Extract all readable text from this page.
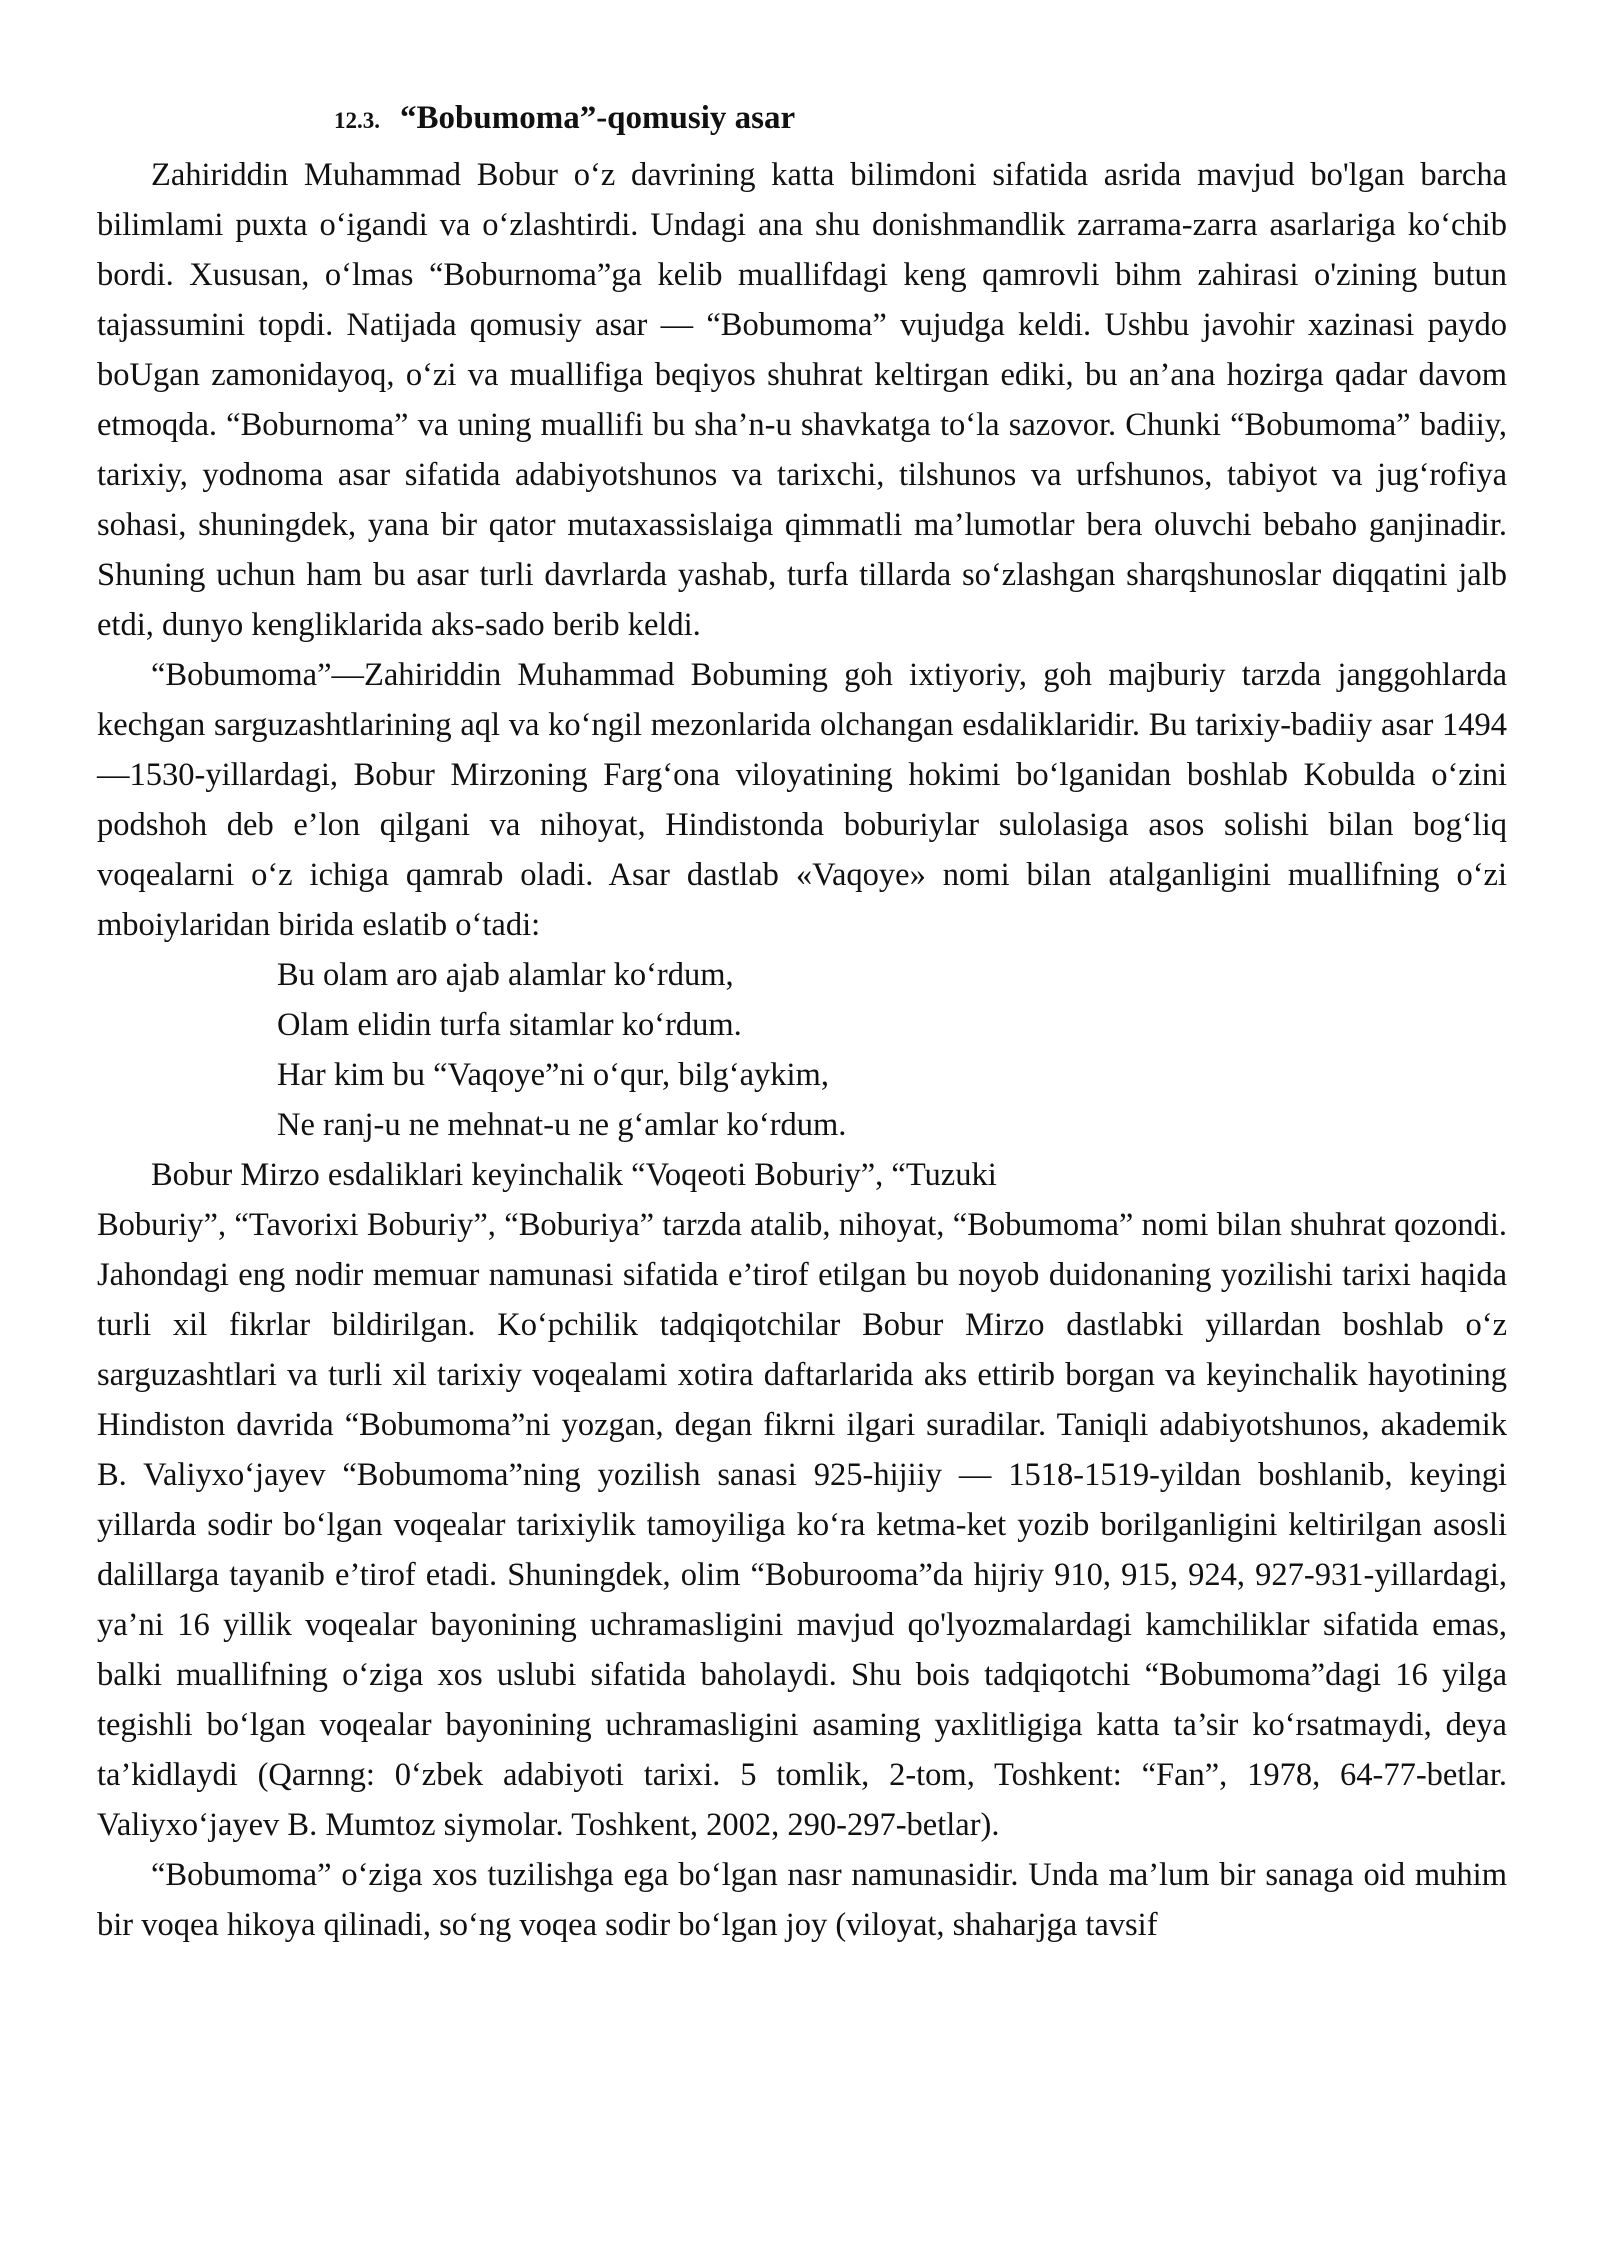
12.3. “Bobumoma”-qomusiy asar

Zahiriddin Muhammad Bobur o‘z davrining katta bilimdoni sifatida asrida mavjud bo'lgan barcha bilimlami puxta o‘igandi va o‘zlashtirdi. Undagi ana shu donishmandlik zarrama-zarra asarlariga ko‘chib bordi. Xususan, o‘lmas “Boburnoma”ga kelib muallifdagi keng qamrovli bihm zahirasi o'zining butun tajassumini topdi. Natijada qomusiy asar — “Bobumoma” vujudga keldi. Ushbu javohir xazinasi paydo boUgan zamonidayoq, o‘zi va muallifiga beqiyos shuhrat keltirgan ediki, bu an’ana hozirga qadar davom etmoqda. “Boburnoma” va uning muallifi bu sha’n-u shavkatga to‘la sazovor. Chunki “Bobumoma” badiiy, tarixiy, yodnoma asar sifatida adabiyotshunos va tarixchi, tilshunos va urfshunos, tabiyot va jug‘rofiya sohasi, shuningdek, yana bir qator mutaxassislaiga qimmatli ma’lumotlar bera oluvchi bebaho ganjinadir. Shuning uchun ham bu asar turli davrlarda yashab, turfa tillarda so‘zlashgan sharqshunoslar diqqatini jalb etdi, dunyo kengliklarida aks-sado berib keldi.

“Bobumoma”—Zahiriddin Muhammad Bobuming goh ixtiyoriy, goh majburiy tarzda janggohlarda kechgan sarguzashtlarining aql va ko‘ngil mezonlarida olchangan esdaliklaridir. Bu tarixiy-badiiy asar 1494—1530-yillardagi, Bobur Mirzoning Farg‘ona viloyatining hokimi bo‘lganidan boshlab Kobulda o‘zini podshoh deb e’lon qilgani va nihoyat, Hindistonda boburiylar sulolasiga asos solishi bilan bog‘liq voqealarni o‘z ichiga qamrab oladi. Asar dastlab «Vaqoye» nomi bilan atalganligini muallifning o‘zi mboiylaridan birida eslatib o‘tadi:

Bu olam aro ajab alamlar ko‘rdum,
Olam elidin turfa sitamlar ko‘rdum.
Har kim bu “Vaqoye”ni o‘qur, bilg‘aykim,
Ne ranj-u ne mehnat-u ne g‘amlar ko‘rdum.
Bobur Mirzo esdaliklari keyinchalik “Voqeoti Boburiy”, “Tuzuki

Boburiy”, “Tavorixi Boburiy”, “Boburiya” tarzda atalib, nihoyat, “Bobumoma” nomi bilan shuhrat qozondi. Jahondagi eng nodir memuar namunasi sifatida e’tirof etilgan bu noyob duidonaning yozilishi tarixi haqida turli xil fikrlar bildirilgan. Ko‘pchilik tadqiqotchilar Bobur Mirzo dastlabki yillardan boshlab o‘z sarguzashtlari va turli xil tarixiy voqealami xotira daftarlarida aks ettirib borgan va keyinchalik hayotining Hindiston davrida “Bobumoma”ni yozgan, degan fikrni ilgari suradilar. Taniqli adabiyotshunos, akademik B. Valiyxo‘jayev “Bobumoma”ning yozilish sanasi 925-hijiiy — 1518-1519-yildan boshlanib, keyingi yillarda sodir bo‘lgan voqealar tarixiylik tamoyiliga ko‘ra ketma-ket yozib borilganligini keltirilgan asosli dalillarga tayanib e’tirof etadi. Shuningdek, olim “Boburooma”da hijriy 910, 915, 924, 927-931-yillardagi, ya’ni 16 yillik voqealar bayonining uchramasligini mavjud qo'lyozmalardagi kamchiliklar sifatida emas, balki muallifning o‘ziga xos uslubi sifatida baholaydi. Shu bois tadqiqotchi “Bobumoma”dagi 16 yilga tegishli bo‘lgan voqealar bayonining uchramasligini asaming yaxlitligiga katta ta’sir ko‘rsatmaydi, deya ta’kidlaydi (Qarnng: 0‘zbek adabiyoti tarixi. 5 tomlik, 2-tom, Toshkent: “Fan”, 1978, 64-77-betlar. Valiyxo‘jayev B. Mumtoz siymolar. Toshkent, 2002, 290-297-betlar).

“Bobumoma” o‘ziga xos tuzilishga ega bo‘lgan nasr namunasidir. Unda ma’lum bir sanaga oid muhim bir voqea hikoya qilinadi, so‘ng voqea sodir bo‘lgan joy (viloyat, shaharjga tavsif
